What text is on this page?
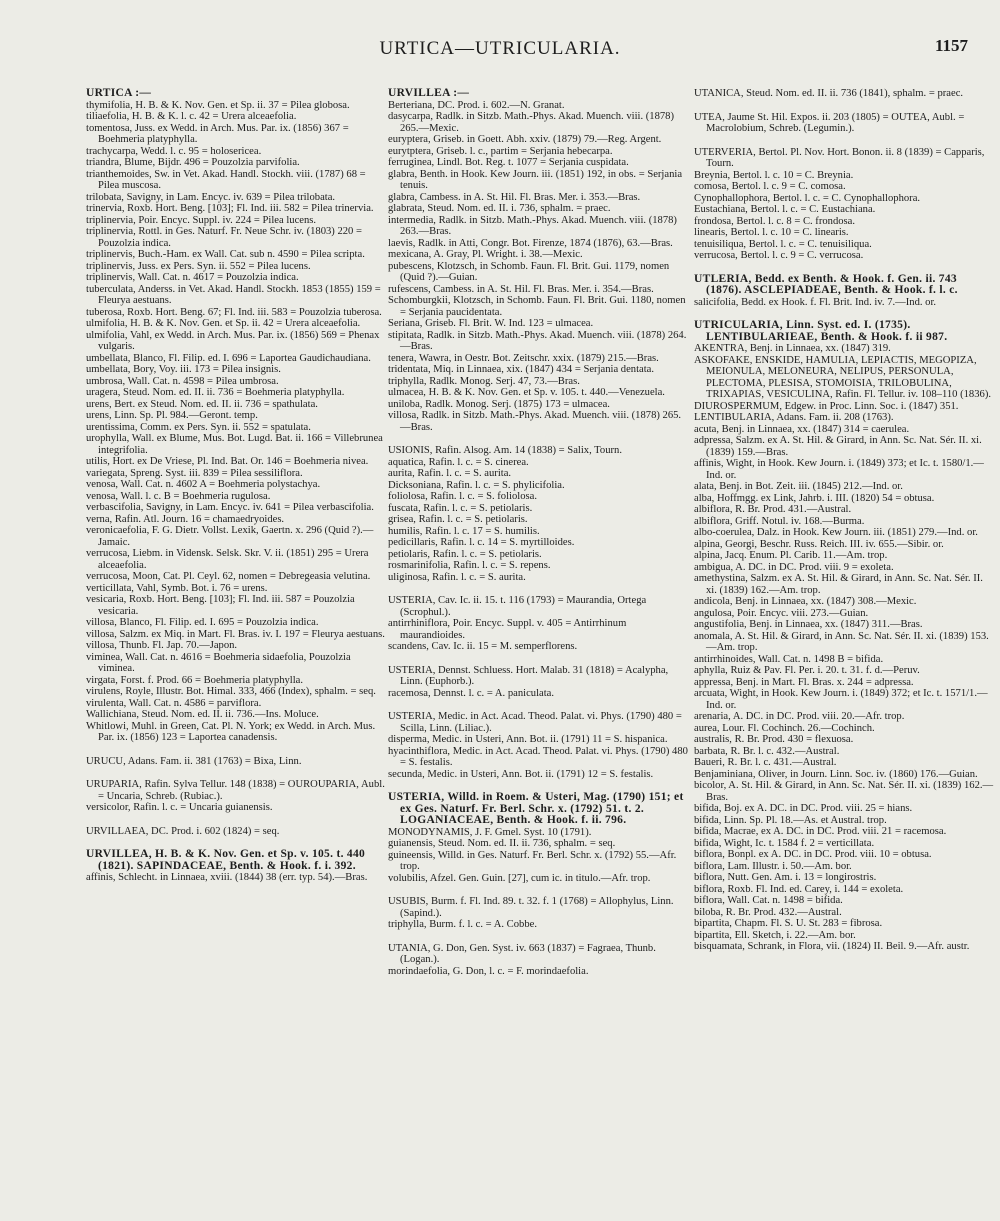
URTICA—UTRICULARIA.	1157

URTICA :—

thymifolia, H. B. & K. Nov. Gen. et Sp. ii. 37 = Pilea globosa.

tiliaefolia, H. B. & K. l. c. 42 = Urera alceaefolia.

tomentosa, Juss. ex Wedd. in Arch. Mus. Par. ix. (1856) 367 = Boehmeria platyphylla.

trachycarpa, Wedd. l. c. 95 = holosericea.

triandra, Blume, Bijdr. 496 = Pouzolzia parvifolia.

trianthemoides, Sw. in Vet. Akad. Handl. Stockh. viii. (1787) 68 = Pilea muscosa.

trilobata, Savigny, in Lam. Encyc. iv. 639 = Pilea trilobata.

trinervia, Roxb. Hort. Beng. [103]; Fl. Ind. iii. 582 = Pilea trinervia.

triplinervia, Poir. Encyc. Suppl. iv. 224 = Pilea lucens.

triplinervia, Rottl. in Ges. Naturf. Fr. Neue Schr. iv. (1803) 220 = Pouzolzia indica.

triplinervis, Buch.-Ham. ex Wall. Cat. sub n. 4590 = Pilea scripta.

triplinervis, Juss. ex Pers. Syn. ii. 552 = Pilea lucens.

triplinervis, Wall. Cat. n. 4617 = Pouzolzia indica.

tuberculata, Anderss. in Vet. Akad. Handl. Stockh. 1853 (1855) 159 = Fleurya aestuans.

tuberosa, Roxb. Hort. Beng. 67; Fl. Ind. iii. 583 = Pouzolzia tuberosa.

ulmifolia, H. B. & K. Nov. Gen. et Sp. ii. 42 = Urera alceaefolia.

ulmifolia, Vahl, ex Wedd. in Arch. Mus. Par. ix. (1856) 569 = Phenax vulgaris.

umbellata, Blanco, Fl. Filip. ed. I. 696 = Laportea Gaudichaudiana.

umbellata, Bory, Voy. iii. 173 = Pilea insignis.

umbrosa, Wall. Cat. n. 4598 = Pilea umbrosa.

uragera, Steud. Nom. ed. II. ii. 736 = Boehmeria platyphylla.

urens, Bert. ex Steud. Nom. ed. II. ii. 736 = spathulata.

urens, Linn. Sp. Pl. 984.—Geront. temp.

urentissima, Comm. ex Pers. Syn. ii. 552 = spatulata.

urophylla, Wall. ex Blume, Mus. Bot. Lugd. Bat. ii. 166 = Villebrunea integrifolia.

utilis, Hort. ex De Vriese, Pl. Ind. Bat. Or. 146 = Boehmeria nivea.

variegata, Spreng. Syst. iii. 839 = Pilea sessiliflora.

venosa, Wall. Cat. n. 4602 A = Boehmeria polystachya.

venosa, Wall. l. c. B = Boehmeria rugulosa.

verbascifolia, Savigny, in Lam. Encyc. iv. 641 = Pilea verbascifolia.

verna, Rafin. Atl. Journ. 16 = chamaedryoides.

veronicaefolia, F. G. Dietr. Vollst. Lexik, Gaertn. x. 296 (Quid ?).—Jamaic.

verrucosa, Liebm. in Vidensk. Selsk. Skr. V. ii. (1851) 295 = Urera alceaefolia.

verrucosa, Moon, Cat. Pl. Ceyl. 62, nomen = Debregeasia velutina.

verticillata, Vahl, Symb. Bot. i. 76 = urens.

vesicaria, Roxb. Hort. Beng. [103]; Fl. Ind. iii. 587 = Pouzolzia vesicaria.

villosa, Blanco, Fl. Filip. ed. I. 695 = Pouzolzia indica.

villosa, Salzm. ex Miq. in Mart. Fl. Bras. iv. I. 197 = Fleurya aestuans.

villosa, Thunb. Fl. Jap. 70.—Japon.

viminea, Wall. Cat. n. 4616 = Boehmeria sidaefolia, Pouzolzia viminea.

virgata, Forst. f. Prod. 66 = Boehmeria platyphylla.

virulens, Royle, Illustr. Bot. Himal. 333, 466 (Index), sphalm. = seq.

virulenta, Wall. Cat. n. 4586 = parviflora.

Wallichiana, Steud. Nom. ed. II. ii. 736.—Ins. Moluce.

Whitlowi, Muhl. in Green, Cat. Pl. N. York; ex Wedd. in Arch. Mus. Par. ix. (1856) 123 = Laportea canadensis.

URUCU, Adans. Fam. ii. 381 (1763) = Bixa, Linn.

URUPARIA, Rafin. Sylva Tellur. 148 (1838) = OUROUPARIA, Aubl. = Uncaria, Schreb. (Rubiac.).

versicolor, Rafin. l. c. = Uncaria guianensis.

URVILLAEA, DC. Prod. i. 602 (1824) = seq.

URVILLEA, H. B. & K. Nov. Gen. et Sp. v. 105. t. 440 (1821). SAPINDACEAE, Benth. & Hook. f. i. 392.

affinis, Schlecht. in Linnaea, xviii. (1844) 38 (err. typ. 54).—Bras.

URVILLEA :—

Berteriana, DC. Prod. i. 602.—N. Granat.

dasycarpa, Radlk. in Sitzb. Math.-Phys. Akad. Muench. viii. (1878) 265.—Mexic.

euryptera, Griseb. in Goett. Abh. xxiv. (1879) 79.—Reg. Argent.

eurytptera, Griseb. l. c., partim = Serjania hebecarpa.

ferruginea, Lindl. Bot. Reg. t. 1077 = Serjania cuspidata.

glabra, Benth. in Hook. Kew Journ. iii. (1851) 192, in obs. = Serjania tenuis.

glabra, Cambess. in A. St. Hil. Fl. Bras. Mer. i. 353.—Bras.

glabrata, Steud. Nom. ed. II. i. 736, sphalm. = praec.

intermedia, Radlk. in Sitzb. Math.-Phys. Akad. Muench. viii. (1878) 263.—Bras.

laevis, Radlk. in Atti, Congr. Bot. Firenze, 1874 (1876), 63.—Bras.

mexicana, A. Gray, Pl. Wright. i. 38.—Mexic.

pubescens, Klotzsch, in Schomb. Faun. Fl. Brit. Gui. 1179, nomen (Quid ?).—Guian.

rufescens, Cambess. in A. St. Hil. Fl. Bras. Mer. i. 354.—Bras.

Schomburgkii, Klotzsch, in Schomb. Faun. Fl. Brit. Gui. 1180, nomen = Serjania paucidentata.

Seriana, Griseb. Fl. Brit. W. Ind. 123 = ulmacea.

stipitata, Radlk. in Sitzb. Math.-Phys. Akad. Muench. viii. (1878) 264.—Bras.

tenera, Wawra, in Oestr. Bot. Zeitschr. xxix. (1879) 215.—Bras.

tridentata, Miq. in Linnaea, xix. (1847) 434 = Serjania dentata.

triphylla, Radlk. Monog. Serj. 47, 73.—Bras.

ulmacea, H. B. & K. Nov. Gen. et Sp. v. 105. t. 440.—Venezuela.

uniloba, Radlk. Monog. Serj. (1875) 173 = ulmacea.

villosa, Radlk. in Sitzb. Math.-Phys. Akad. Muench. viii. (1878) 265.—Bras.

USIONIS, Rafin. Alsog. Am. 14 (1838) = Salix, Tourn.

aquatica, Rafin. l. c. = S. cinerea.

aurita, Rafin. l. c. = S. aurita.

Dicksoniana, Rafin. l. c. = S. phylicifolia.

foliolosa, Rafin. l. c. = S. foliolosa.

fuscata, Rafin. l. c. = S. petiolaris.

grisea, Rafin. l. c. = S. petiolaris.

humilis, Rafin. l. c. 17 = S. humilis.

pedicillaris, Rafin. l. c. 14 = S. myrtilloides.

petiolaris, Rafin. l. c. = S. petiolaris.

rosmarinifolia, Rafin. l. c. = S. repens.

uliginosa, Rafin. l. c. = S. aurita.

USTERIA, Cav. Ic. ii. 15. t. 116 (1793) = Maurandia, Ortega (Scrophul.).

antirrhiniflora, Poir. Encyc. Suppl. v. 405 = Antirrhinum maurandioides.

scandens, Cav. Ic. ii. 15 = M. semperflorens.

USTERIA, Dennst. Schluess. Hort. Malab. 31 (1818) = Acalypha, Linn. (Euphorb.).

racemosa, Dennst. l. c. = A. paniculata.

USTERIA, Medic. in Act. Acad. Theod. Palat. vi. Phys. (1790) 480 = Scilla, Linn. (Liliac.).

disperma, Medic. in Usteri, Ann. Bot. ii. (1791) 11 = S. hispanica.

hyacinthiflora, Medic. in Act. Acad. Theod. Palat. vi. Phys. (1790) 480 = S. festalis.

secunda, Medic. in Usteri, Ann. Bot. ii. (1791) 12 = S. festalis.

USTERIA, Willd. in Roem. & Usteri, Mag. (1790) 151; et ex Ges. Naturf. Fr. Berl. Schr. x. (1792) 51. t. 2. LOGANIACEAE, Benth. & Hook. f. ii. 796.

MONODYNAMIS, J. F. Gmel. Syst. 10 (1791).

guianensis, Steud. Nom. ed. II. ii. 736, sphalm. = seq.

guineensis, Willd. in Ges. Naturf. Fr. Berl. Schr. x. (1792) 55.—Afr. trop.

volubilis, Afzel. Gen. Guin. [27], cum ic. in titulo.—Afr. trop.

USUBIS, Burm. f. Fl. Ind. 89. t. 32. f. 1 (1768) = Allophylus, Linn. (Sapind.).

triphylla, Burm. f. l. c. = A. Cobbe.

UTANIA, G. Don, Gen. Syst. iv. 663 (1837) = Fagraea, Thunb. (Logan.).

morindaefolia, G. Don, l. c. = F. morindaefolia.

UTANICA, Steud. Nom. ed. II. ii. 736 (1841), sphalm. = praec.

UTEA, Jaume St. Hil. Expos. ii. 203 (1805) = OUTEA, Aubl. = Macrolobium, Schreb. (Legumin.).

UTERVERIA, Bertol. Pl. Nov. Hort. Bonon. ii. 8 (1839) = Capparis, Tourn.

Breynia, Bertol. l. c. 10 = C. Breynia.

comosa, Bertol. l. c. 9 = C. comosa.

Cynophallophora, Bertol. l. c. = C. Cynophallophora.

Eustachiana, Bertol. l. c. = C. Eustachiana.

frondosa, Bertol. l. c. 8 = C. frondosa.

linearis, Bertol. l. c. 10 = C. linearis.

tenuisiliqua, Bertol. l. c. = C. tenuisiliqua.

verrucosa, Bertol. l. c. 9 = C. verrucosa.

UTLERIA, Bedd. ex Benth. & Hook. f. Gen. ii. 743 (1876). ASCLEPIADEAE, Benth. & Hook. f. l. c.

salicifolia, Bedd. ex Hook. f. Fl. Brit. Ind. iv. 7.—Ind. or.

UTRICULARIA, Linn. Syst. ed. I. (1735). LENTIBULARIEAE, Benth. & Hook. f. ii 987.

AKENTRA, Benj. in Linnaea, xx. (1847) 319.

ASKOFAKE, ENSKIDE, HAMULIA, LEPIACTIS, MEGOPIZA, MEIONULA, MELONEURA, NELIPUS, PERSONULA, PLECTOMA, PLESISA, STOMOISIA, TRILOBULINA, TRIXAPIAS, VESICULINA, Rafin. Fl. Tellur. iv. 108–110 (1836).

DIUROSPERMUM, Edgew. in Proc. Linn. Soc. i. (1847) 351.

LENTIBULARIA, Adans. Fam. ii. 208 (1763).

acuta, Benj. in Linnaea, xx. (1847) 314 = caerulea.

adpressa, Salzm. ex A. St. Hil. & Girard, in Ann. Sc. Nat. Sér. II. xi. (1839) 159.—Bras.

affinis, Wight, in Hook. Kew Journ. i. (1849) 373; et Ic. t. 1580/1.—Ind. or.

alata, Benj. in Bot. Zeit. iii. (1845) 212.—Ind. or.

alba, Hoffmgg. ex Link, Jahrb. i. III. (1820) 54 = obtusa.

albiflora, R. Br. Prod. 431.—Austral.

albiflora, Griff. Notul. iv. 168.—Burma.

albo-coerulea, Dalz. in Hook. Kew Journ. iii. (1851) 279.—Ind. or.

alpina, Georgi, Beschr. Russ. Reich. III. iv. 655.—Sibir. or.

alpina, Jacq. Enum. Pl. Carib. 11.—Am. trop.

ambigua, A. DC. in DC. Prod. viii. 9 = exoleta.

amethystina, Salzm. ex A. St. Hil. & Girard, in Ann. Sc. Nat. Sér. II. xi. (1839) 162.—Am. trop.

andicola, Benj. in Linnaea, xx. (1847) 308.—Mexic.

angulosa, Poir. Encyc. viii. 273.—Guian.

angustifolia, Benj. in Linnaea, xx. (1847) 311.—Bras.

anomala, A. St. Hil. & Girard, in Ann. Sc. Nat. Sér. II. xi. (1839) 153.—Am. trop.

antirrhinoides, Wall. Cat. n. 1498 B = bifida.

aphylla, Ruiz & Pav. Fl. Per. i. 20. t. 31. f. d.—Peruv.

appressa, Benj. in Mart. Fl. Bras. x. 244 = adpressa.

arcuata, Wight, in Hook. Kew Journ. i. (1849) 372; et Ic. t. 1571/1.—Ind. or.

arenaria, A. DC. in DC. Prod. viii. 20.—Afr. trop.

aurea, Lour. Fl. Cochinch. 26.—Cochinch.

australis, R. Br. Prod. 430 = flexuosa.

barbata, R. Br. l. c. 432.—Austral.

Baueri, R. Br. l. c. 431.—Austral.

Benjaminiana, Oliver, in Journ. Linn. Soc. iv. (1860) 176.—Guian.

bicolor, A. St. Hil. & Girard, in Ann. Sc. Nat. Sér. II. xi. (1839) 162.—Bras.

bifida, Boj. ex A. DC. in DC. Prod. viii. 25 = hians.

bifida, Linn. Sp. Pl. 18.—As. et Austral. trop.

bifida, Macrae, ex A. DC. in DC. Prod. viii. 21 = racemosa.

bifida, Wight, Ic. t. 1584 f. 2 = verticillata.

biflora, Bonpl. ex A. DC. in DC. Prod. viii. 10 = obtusa.

biflora, Lam. Illustr. i. 50.—Am. bor.

biflora, Nutt. Gen. Am. i. 13 = longirostris.

biflora, Roxb. Fl. Ind. ed. Carey, i. 144 = exoleta.

biflora, Wall. Cat. n. 1498 = bifida.

biloba, R. Br. Prod. 432.—Austral.

bipartita, Chapm. Fl. S. U. St. 283 = fibrosa.

bipartita, Ell. Sketch, i. 22.—Am. bor.

bisquamata, Schrank, in Flora, vii. (1824) II. Beil. 9.—Afr. austr.
